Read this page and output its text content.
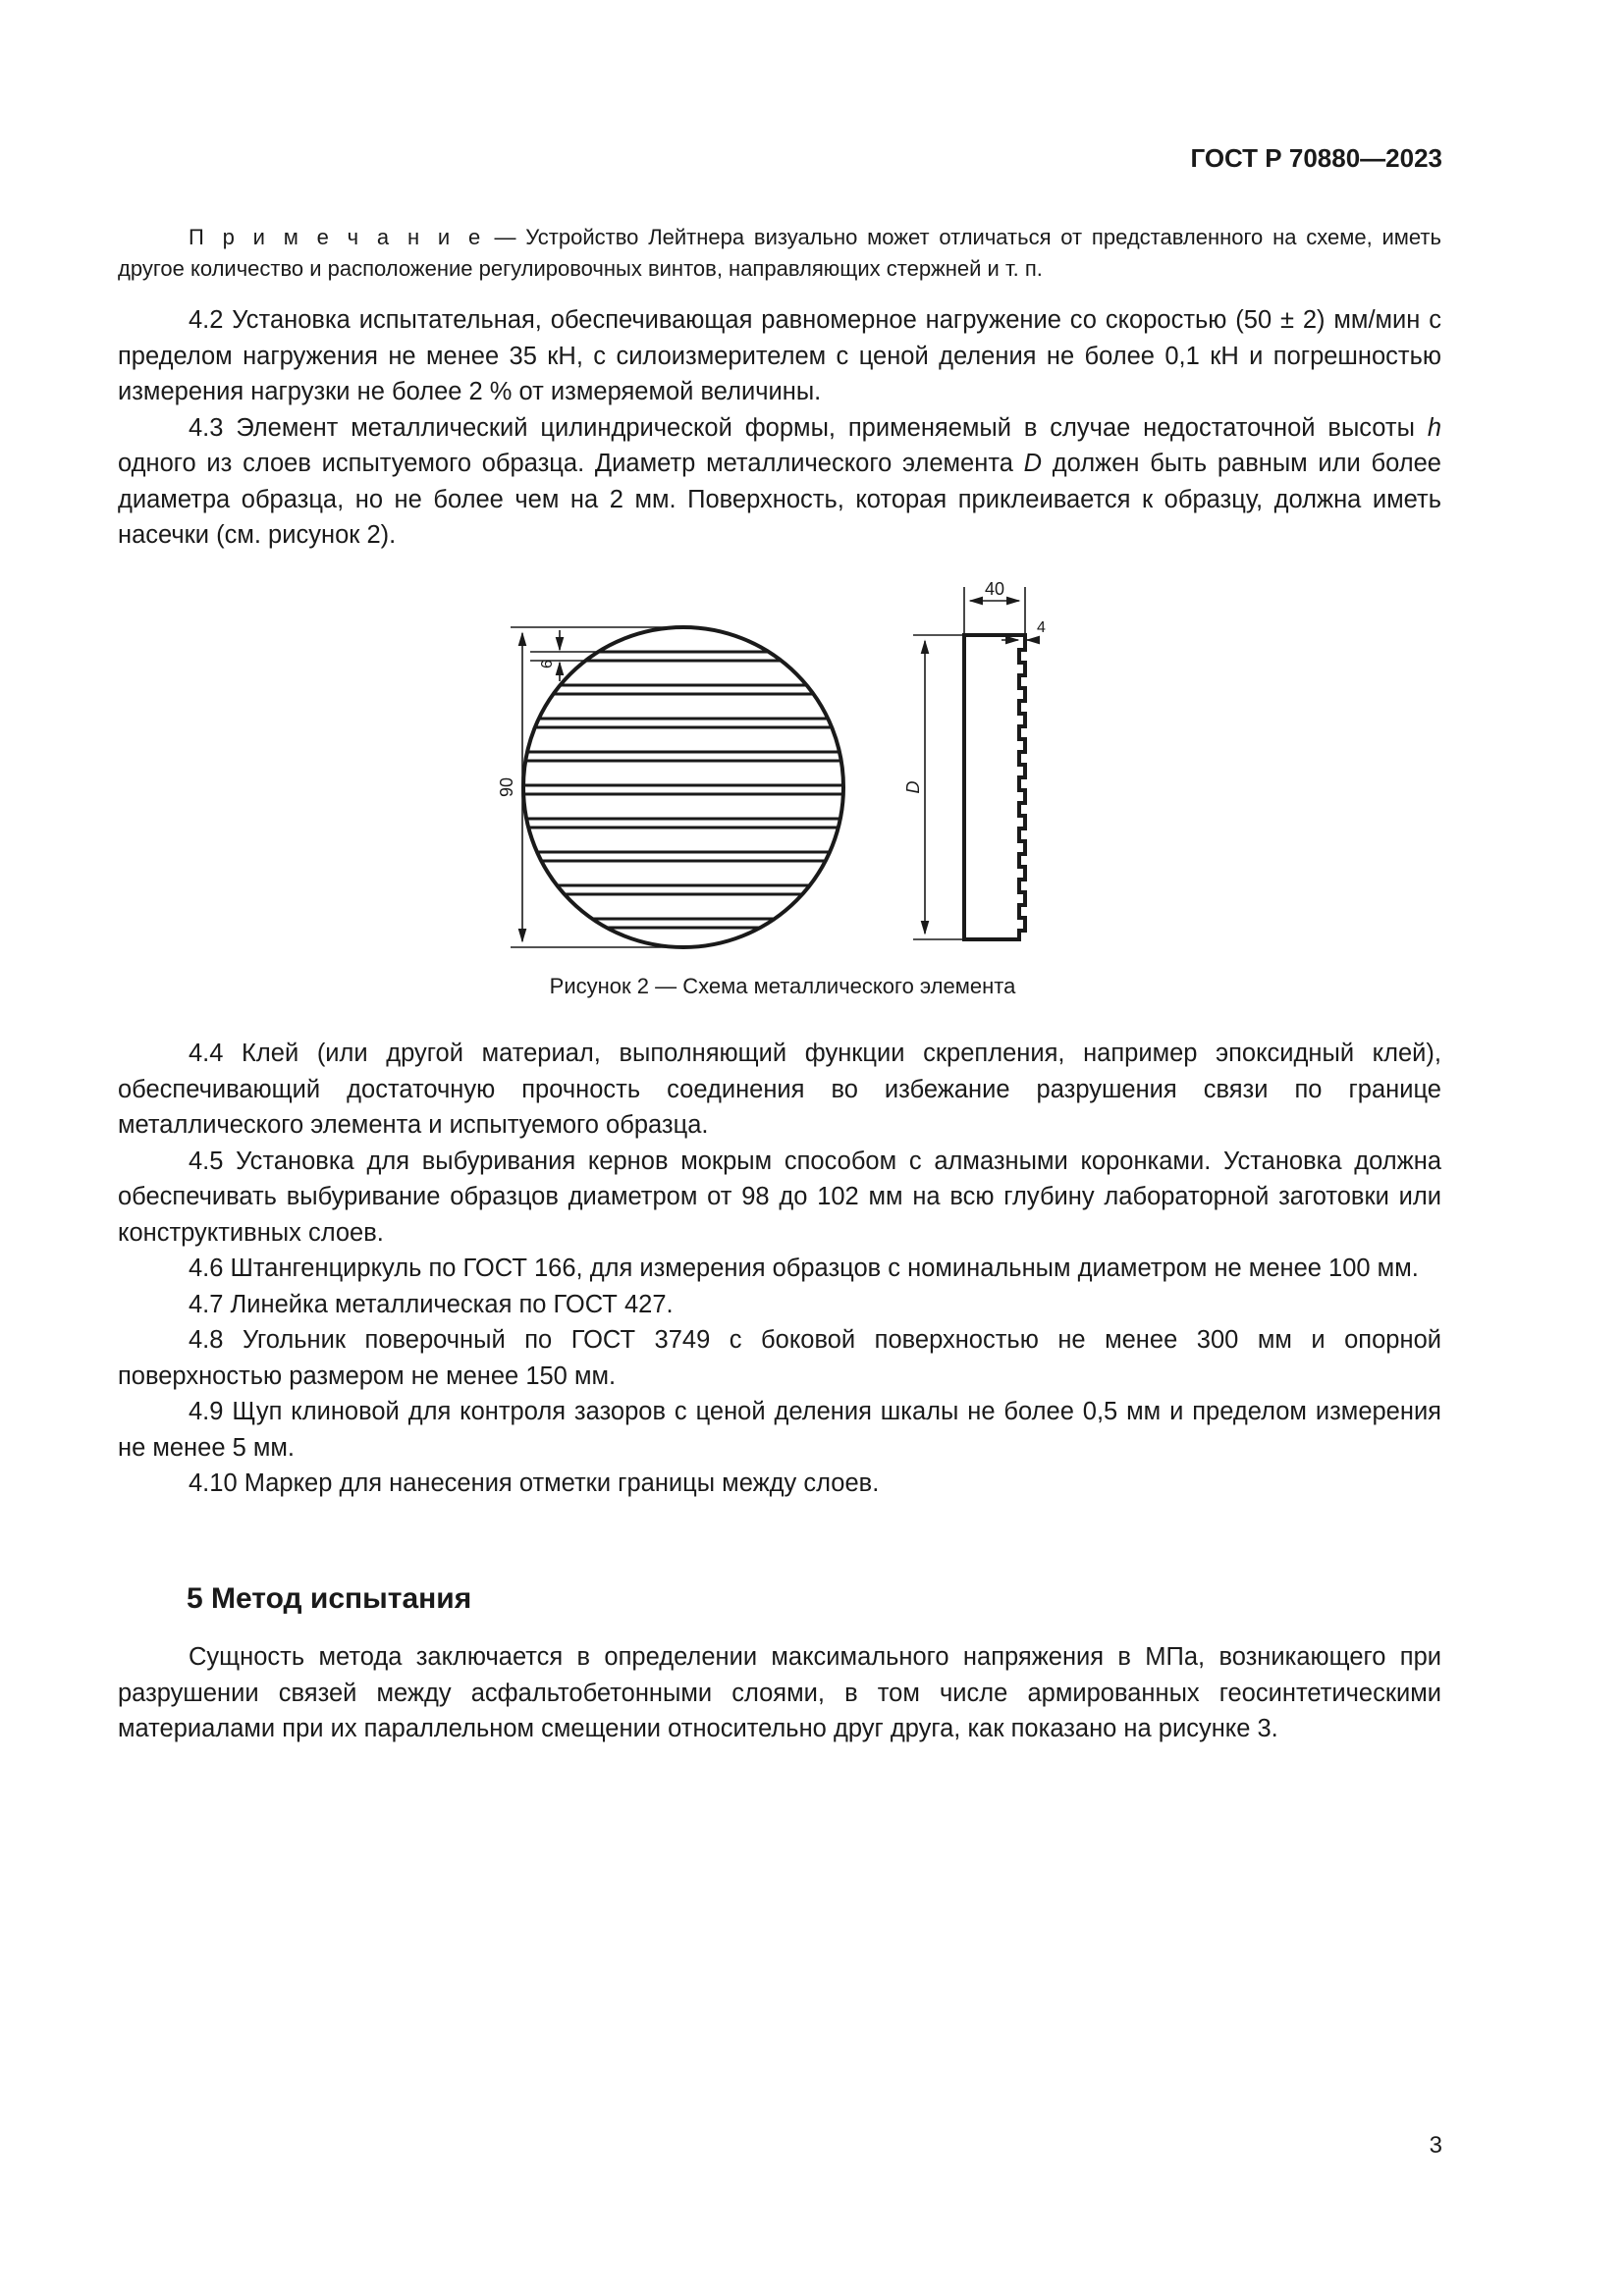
ГОСТ Р 70880—2023

П р и м е ч а н и е — Устройство Лейтнера визуально может отличаться от представленного на схеме, иметь другое количество и расположение регулировочных винтов, направляющих стержней и т. п.

4.2 Установка испытательная, обеспечивающая равномерное нагружение со скоростью (50 ± 2) мм/мин с пределом нагружения не менее 35 кН, с силоизмерителем с ценой деления не более 0,1 кН и погрешностью измерения нагрузки не более 2 % от измеряемой величины.

4.3 Элемент металлический цилиндрической формы, применяемый в случае недостаточной высоты h одного из слоев испытуемого образца. Диаметр металлического элемента D должен быть равным или более диаметра образца, но не более чем на 2 мм. Поверхность, которая приклеивается к образцу, должна иметь насечки (см. рисунок 2).

90
6
D
40
4
Рисунок 2 — Схема металлического элемента

4.4 Клей (или другой материал, выполняющий функции скрепления, например эпоксидный клей), обеспечивающий достаточную прочность соединения во избежание разрушения связи по границе металлического элемента и испытуемого образца.

4.5 Установка для выбуривания кернов мокрым способом с алмазными коронками. Установка должна обеспечивать выбуривание образцов диаметром от 98 до 102 мм на всю глубину лабораторной заготовки или конструктивных слоев.

4.6 Штангенциркуль по ГОСТ 166, для измерения образцов с номинальным диаметром не менее 100 мм.

4.7 Линейка металлическая по ГОСТ 427.

4.8 Угольник поверочный по ГОСТ 3749 с боковой поверхностью не менее 300 мм и опорной поверхностью размером не менее 150 мм.

4.9 Щуп клиновой для контроля зазоров с ценой деления шкалы не более 0,5 мм и пределом измерения не менее 5 мм.

4.10 Маркер для нанесения отметки границы между слоев.

5 Метод испытания

Сущность метода заключается в определении максимального напряжения в МПа, возникающего при разрушении связей между асфальтобетонными слоями, в том числе армированных геосинтетическими материалами при их параллельном смещении относительно друг друга, как показано на рисунке 3.

3
